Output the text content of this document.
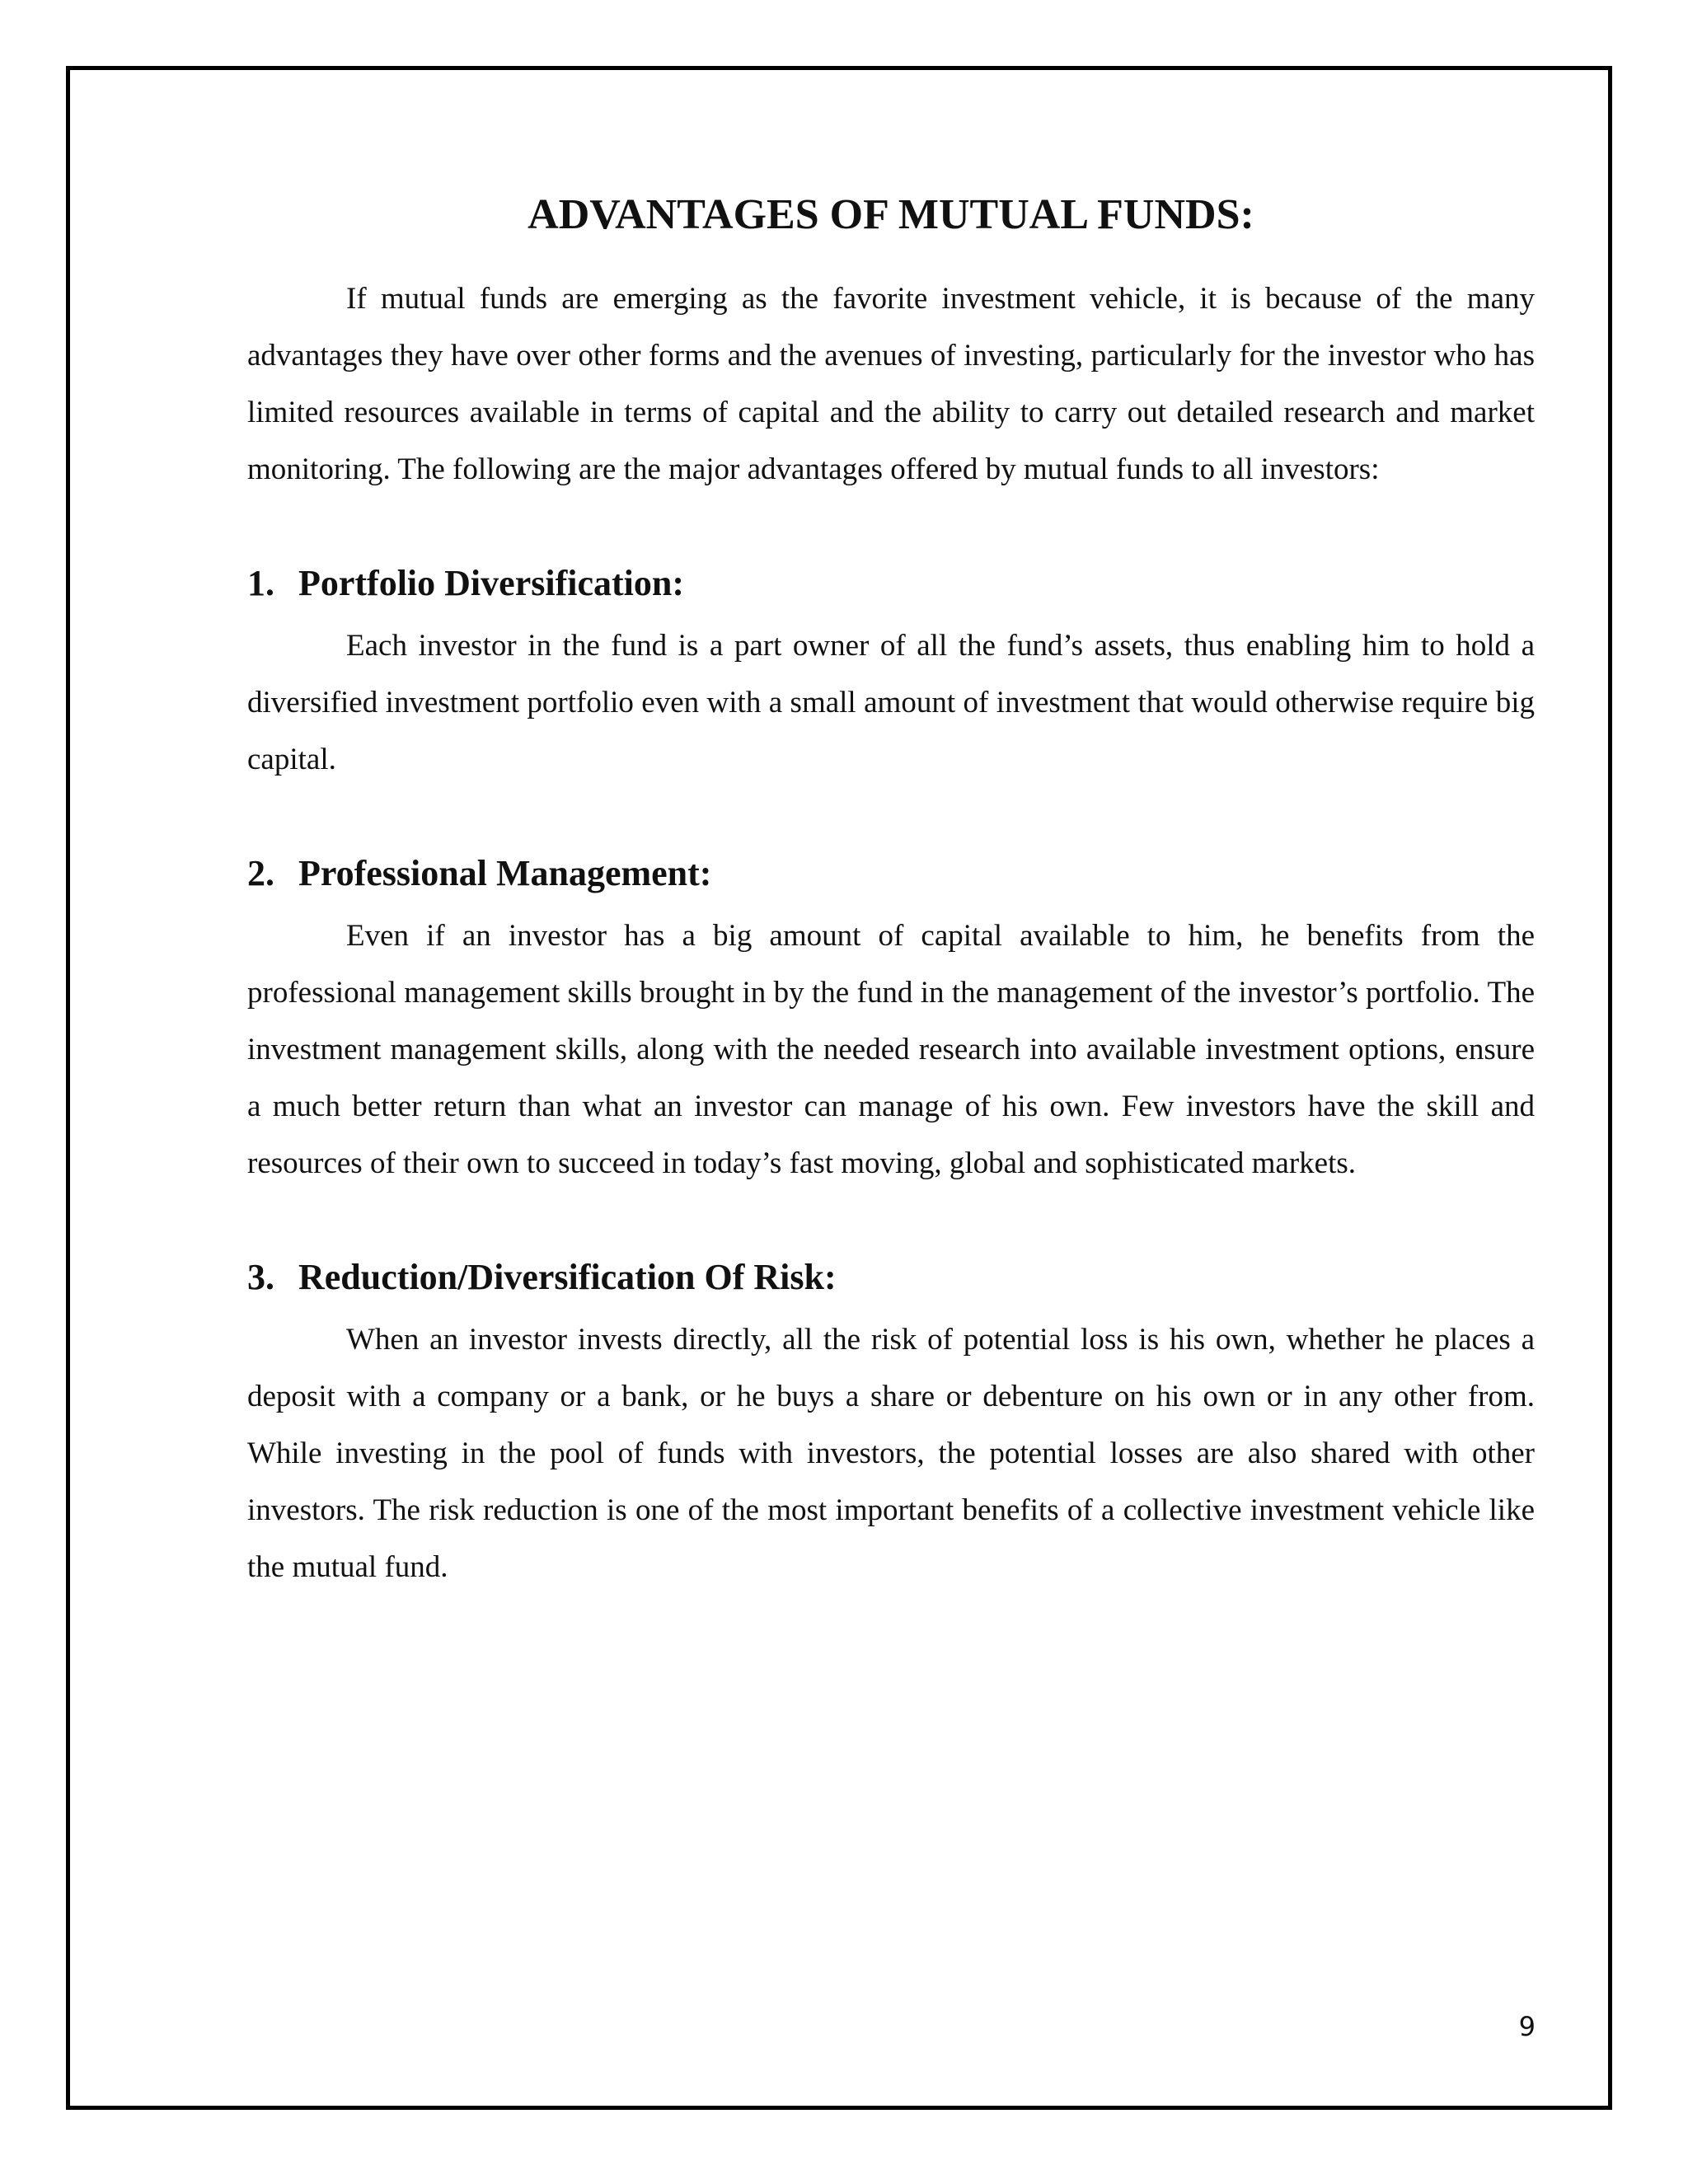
ADVANTAGES OF MUTUAL FUNDS:

If mutual funds are emerging as the favorite investment vehicle, it is because of the many advantages they have over other forms and the avenues of investing, particularly for the investor who has limited resources available in terms of capital and the ability to carry out detailed research and market monitoring. The following are the major advantages offered by mutual funds to all investors:

1. Portfolio Diversification:

Each investor in the fund is a part owner of all the fund’s assets, thus enabling him to hold a diversified investment portfolio even with a small amount of investment that would otherwise require big capital.

2. Professional Management:

Even if an investor has a big amount of capital available to him, he benefits from the professional management skills brought in by the fund in the management of the investor’s portfolio. The investment management skills, along with the needed research into available investment options, ensure a much better return than what an investor can manage of his own. Few investors have the skill and resources of their own to succeed in today’s fast moving, global and sophisticated markets.

3. Reduction/Diversification Of Risk:

When an investor invests directly, all the risk of potential loss is his own, whether he places a deposit with a company or a bank, or he buys a share or debenture on his own or in any other from. While investing in the pool of funds with investors, the potential losses are also shared with other investors. The risk reduction is one of the most important benefits of a collective investment vehicle like the mutual fund.

9
